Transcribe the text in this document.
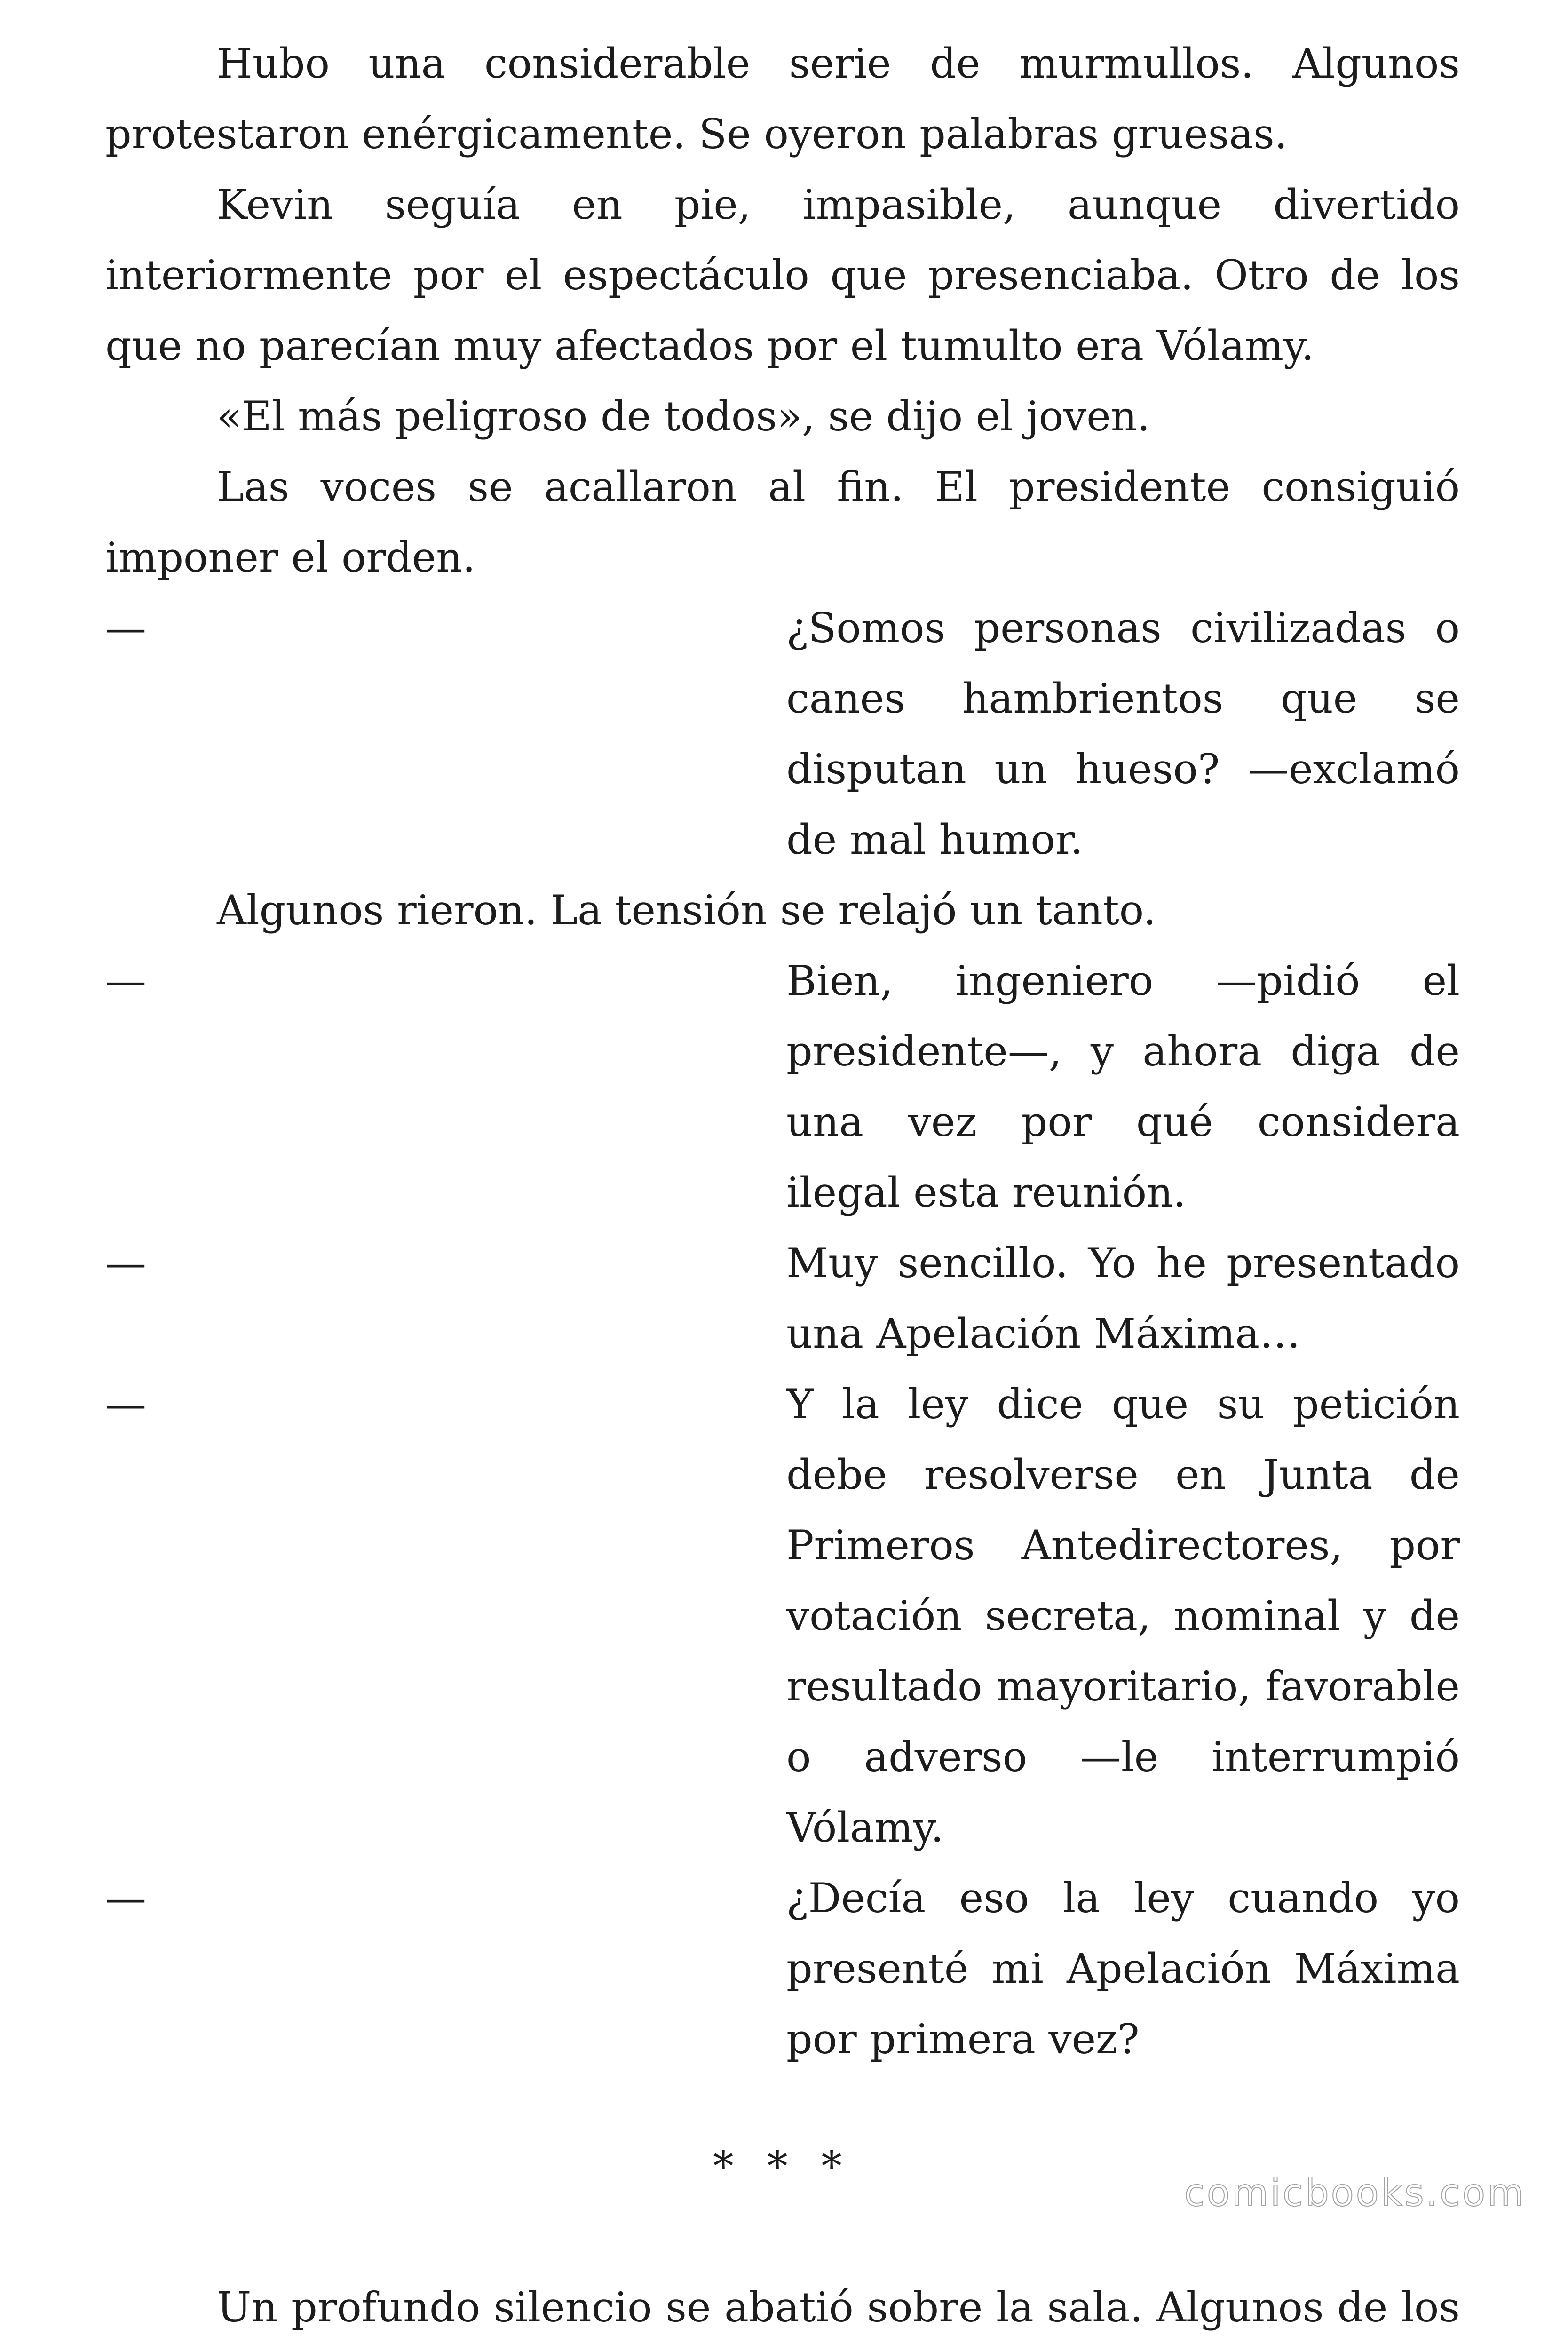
Hubo una considerable serie de murmullos. Algunos protestaron enérgicamente. Se oyeron palabras gruesas.

Kevin seguía en pie, impasible, aunque divertido interiormente por el espectáculo que presenciaba. Otro de los que no parecían muy afectados por el tumulto era Vólamy.

«El más peligroso de todos», se dijo el joven.

Las voces se acallaron al fin. El presidente consiguió imponer el orden.

—	¿Somos personas civilizadas o canes hambrientos que se disputan un hueso? —exclamó de mal humor.

Algunos rieron. La tensión se relajó un tanto.

—	Bien, ingeniero —pidió el presidente—, y ahora diga de una vez por qué considera ilegal esta reunión.

—	Muy sencillo. Yo he presentado una Apelación Máxima…

—	Y la ley dice que su petición debe resolverse en Junta de Primeros Antedirectores, por votación secreta, nominal y de resultado mayoritario, favorable o adverso —le interrumpió Vólamy.

—	¿Decía eso la ley cuando yo presenté mi Apelación Máxima por primera vez?

* * *

Un profundo silencio se abatió sobre la sala. Algunos de los

comicbooks.com
